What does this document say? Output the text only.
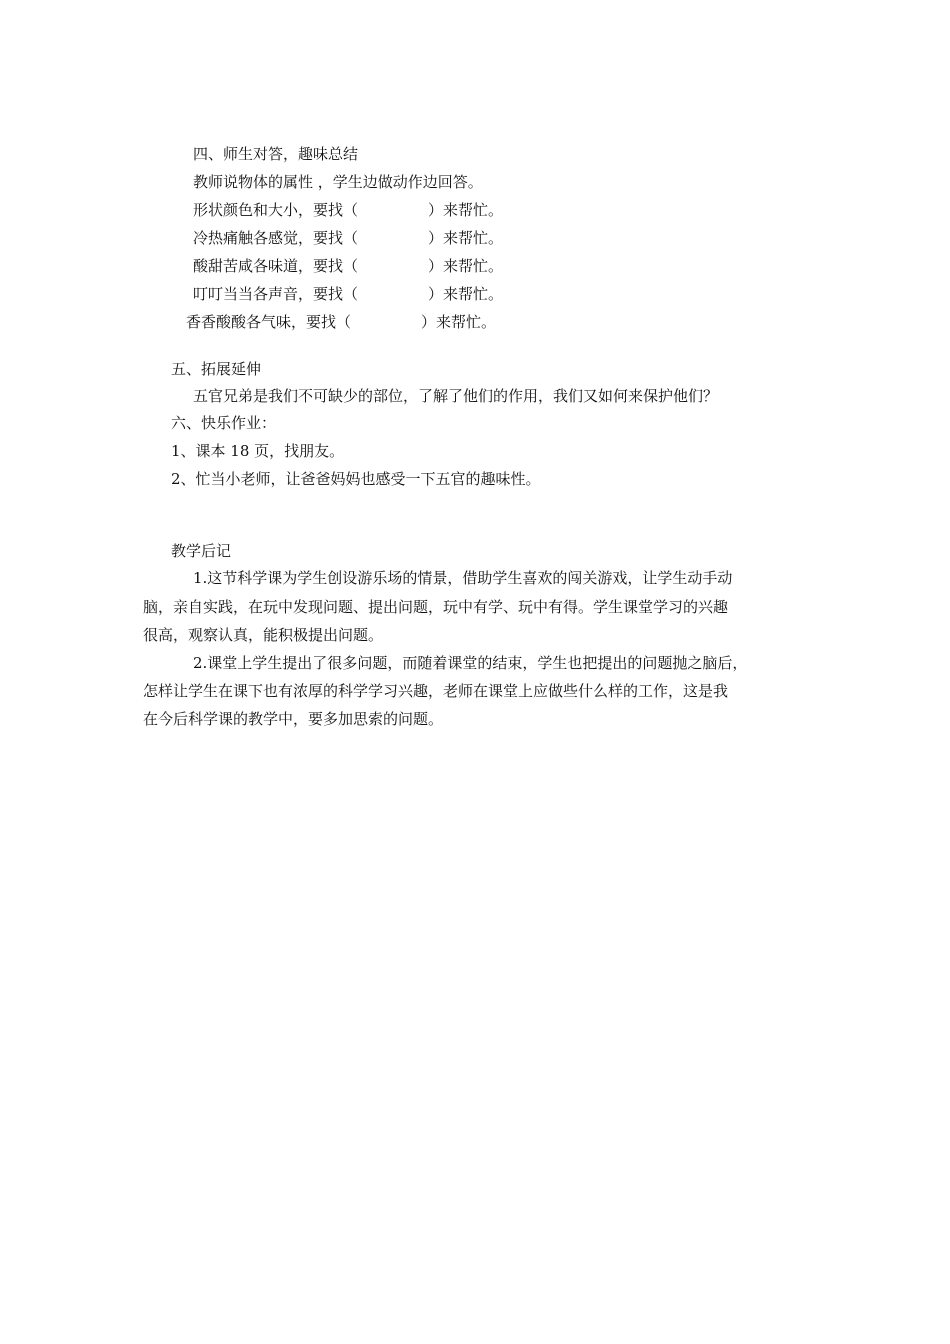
四、师生对答，趣味总结
教师说物体的属性 ，学生边做动作边回答。
形状颜色和大小，要找（	）来帮忙。
冷热痛触各感觉，要找（	）来帮忙。
酸甜苦咸各味道，要找（	）来帮忙。
叮叮当当各声音，要找（	）来帮忙。
香香酸酸各气味，要找（	）来帮忙。
五、拓展延伸
五官兄弟是我们不可缺少的部位，了解了他们的作用，我们又如何来保护他们？
六、快乐作业：
1、课本 18 页，找朋友。
2、忙当小老师，让爸爸妈妈也感受一下五官的趣味性。
教学后记
1.这节科学课为学生创设游乐场的情景，借助学生喜欢的闯关游戏，让学生动手动
脑，亲自实践，在玩中发现问题、提出问题，玩中有学、玩中有得。学生课堂学习的兴趣
很高，观察认真，能积极提出问题。
2.课堂上学生提出了很多问题，而随着课堂的结束，学生也把提出的问题抛之脑后，
怎样让学生在课下也有浓厚的科学学习兴趣，老师在课堂上应做些什么样的工作，这是我
在今后科学课的教学中，要多加思索的问题。
